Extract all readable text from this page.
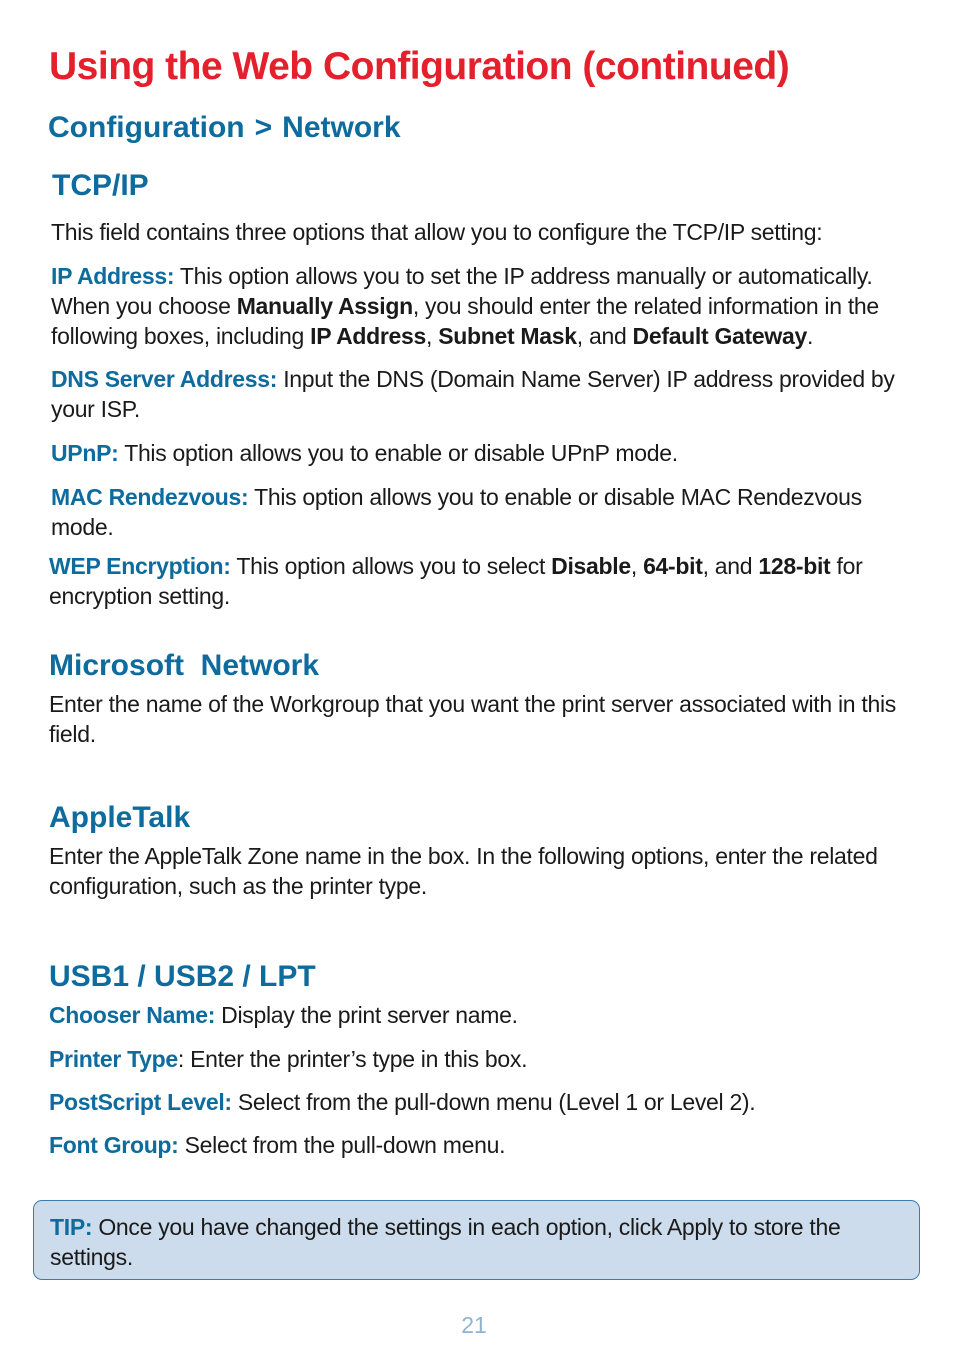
Using the Web Configuration (continued)
Configuration > Network
TCP/IP

This field contains three options that allow you to configure the TCP/IP setting:

IP Address: This option allows you to set the IP address manually or automatically. When you choose Manually Assign, you should enter the related information in the following boxes, including IP Address, Subnet Mask, and Default Gateway.

DNS Server Address: Input the DNS (Domain Name Server) IP address provided by your ISP.

UPnP: This option allows you to enable or disable UPnP mode.

MAC Rendezvous: This option allows you to enable or disable MAC Rendezvous mode.

WEP Encryption: This option allows you to select Disable, 64-bit, and 128-bit for encryption setting.

Microsoft  Network

Enter the name of the Workgroup that you want the print server associated with in this field.

AppleTalk

Enter the AppleTalk Zone name in the box. In the following options, enter the related configuration, such as the printer type.

USB1 / USB2 / LPT

Chooser Name: Display the print server name.

Printer Type: Enter the printer’s type in this box.

PostScript Level: Select from the pull-down menu (Level 1 or Level 2).

Font Group: Select from the pull-down menu.

TIP: Once you have changed the settings in each option, click Apply to store the settings.

21
